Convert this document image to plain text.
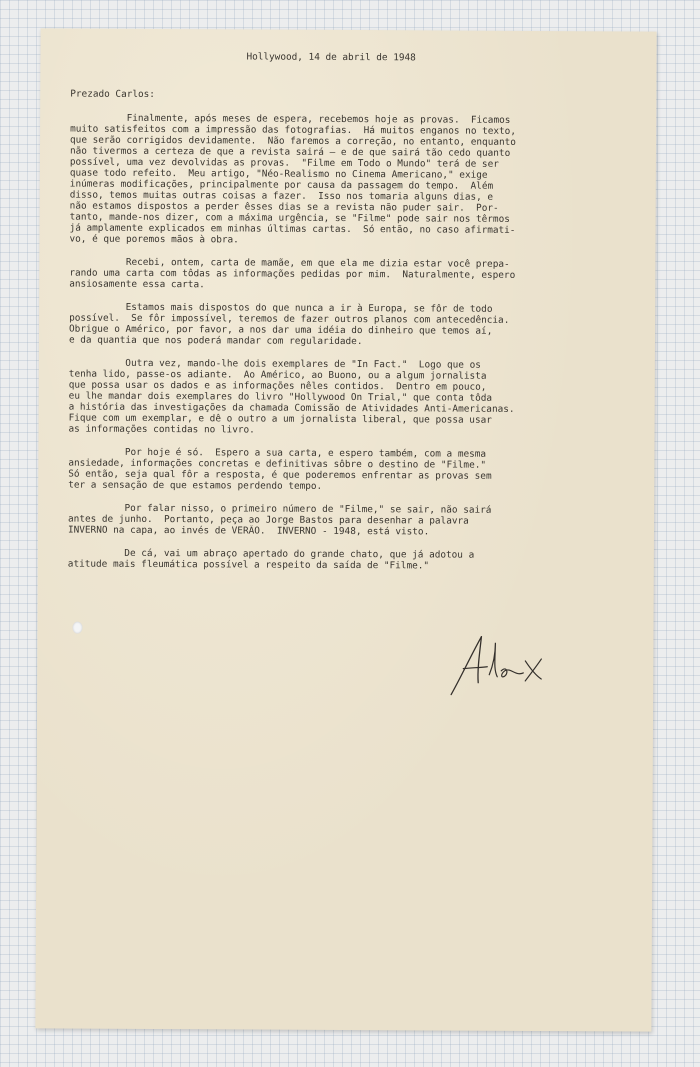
Hollywood, 14 de abril de 1948
Prezado Carlos:
Finalmente, após meses de espera, recebemos hoje as provas.  Ficamos
muito satisfeitos com a impressão das fotografias.  Há muitos enganos no texto,
que serão corrigidos devidamente.  Não faremos a correção, no entanto, enquanto
não tivermos a certeza de que a revista sairá — e de que sairá tão cedo quanto
possível, uma vez devolvidas as provas.  "Filme em Todo o Mundo" terá de ser
quase todo refeito.  Meu artigo, "Néo-Realismo no Cinema Americano," exige
inúmeras modificações, principalmente por causa da passagem do tempo.  Além
disso, temos muitas outras coisas a fazer.  Isso nos tomaria alguns dias, e
não estamos dispostos a perder êsses dias se a revista não puder sair.  Por-
tanto, mande-nos dizer, com a máxima urgência, se "Filme" pode sair nos têrmos
já amplamente explicados em minhas últimas cartas.  Só então, no caso afirmati-
vo, é que poremos mãos à obra.
Recebi, ontem, carta de mamãe, em que ela me dizia estar você prepa-
rando uma carta com tôdas as informações pedidas por mim.  Naturalmente, espero
ansiosamente essa carta.
Estamos mais dispostos do que nunca a ir à Europa, se fôr de todo
possível.  Se fôr impossível, teremos de fazer outros planos com antecedência.
Obrigue o Américo, por favor, a nos dar uma idéia do dinheiro que temos aí,
e da quantia que nos poderá mandar com regularidade.
Outra vez, mando-lhe dois exemplares de "In Fact."  Logo que os
tenha lido, passe-os adiante.  Ao Américo, ao Buono, ou a algum jornalista
que possa usar os dados e as informações nêles contidos.  Dentro em pouco,
eu lhe mandar dois exemplares do livro "Hollywood On Trial," que conta tôda
a história das investigações da chamada Comissão de Atividades Anti-Americanas.
Fique com um exemplar, e dê o outro a um jornalista liberal, que possa usar
as informações contidas no livro.
Por hoje é só.  Espero a sua carta, e espero também, com a mesma
ansiedade, informações concretas e definitivas sôbre o destino de "Filme."
Só então, seja qual fôr a resposta, é que poderemos enfrentar as provas sem
ter a sensação de que estamos perdendo tempo.
Por falar nisso, o primeiro número de "Filme," se sair, não sairá
antes de junho.  Portanto, peça ao Jorge Bastos para desenhar a palavra
INVERNO na capa, ao invés de VERÃO.  INVERNO - 1948, está visto.
De cá, vai um abraço apertado do grande chato, que já adotou a
atitude mais fleumática possível a respeito da saída de "Filme."
